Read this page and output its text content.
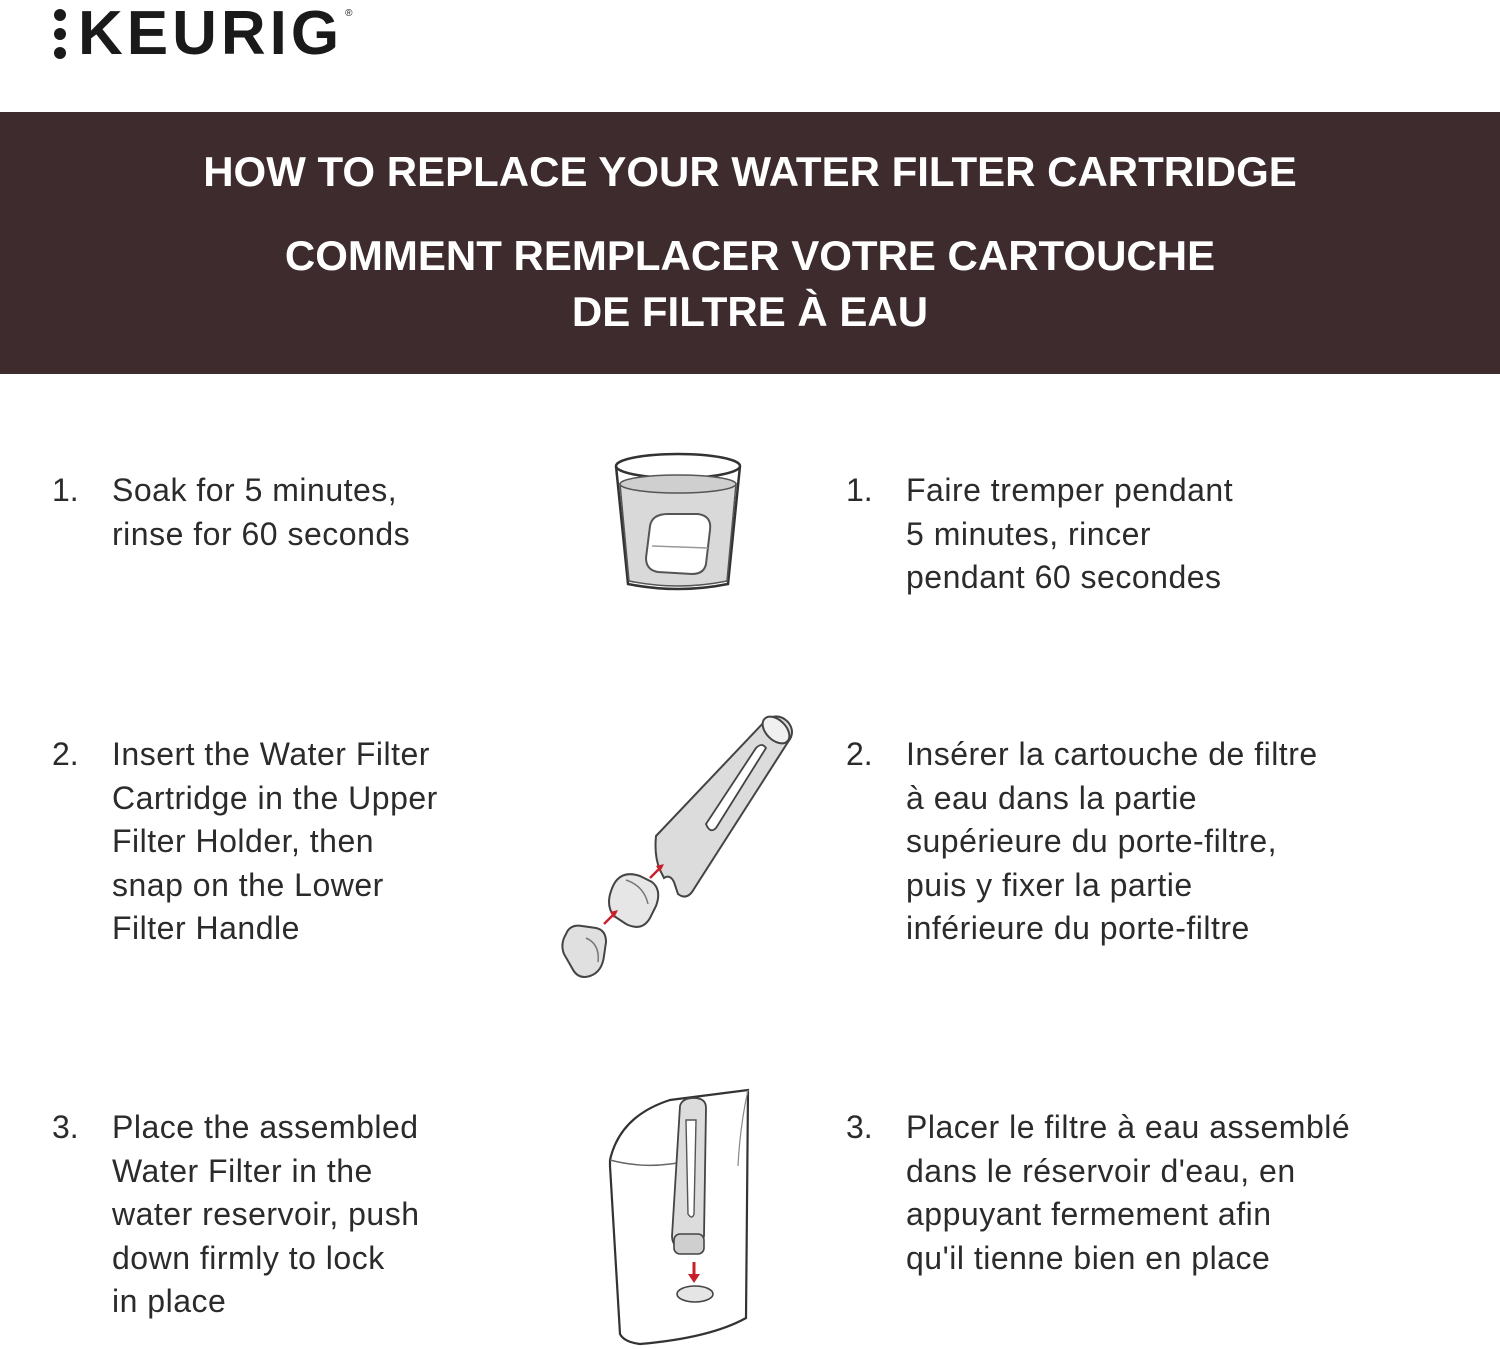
KEURIG ®
HOW TO REPLACE YOUR WATER FILTER CARTRIDGE
COMMENT REMPLACER VOTRE CARTOUCHE
DE FILTRE À EAU
1. Soak for 5 minutes,
rinse for 60 seconds
1. Faire tremper pendant
5 minutes, rincer
pendant 60 secondes
2. Insert the Water Filter
Cartridge in the Upper
Filter Holder, then
snap on the Lower
Filter Handle
2. Insérer la cartouche de filtre
à eau dans la partie
supérieure du porte-filtre,
puis y fixer la partie
inférieure du porte-filtre
3. Place the assembled
Water Filter in the
water reservoir, push
down firmly to lock
in place
3. Placer le filtre à eau assemblé
dans le réservoir d'eau, en
appuyant fermement afin
qu'il tienne bien en place
